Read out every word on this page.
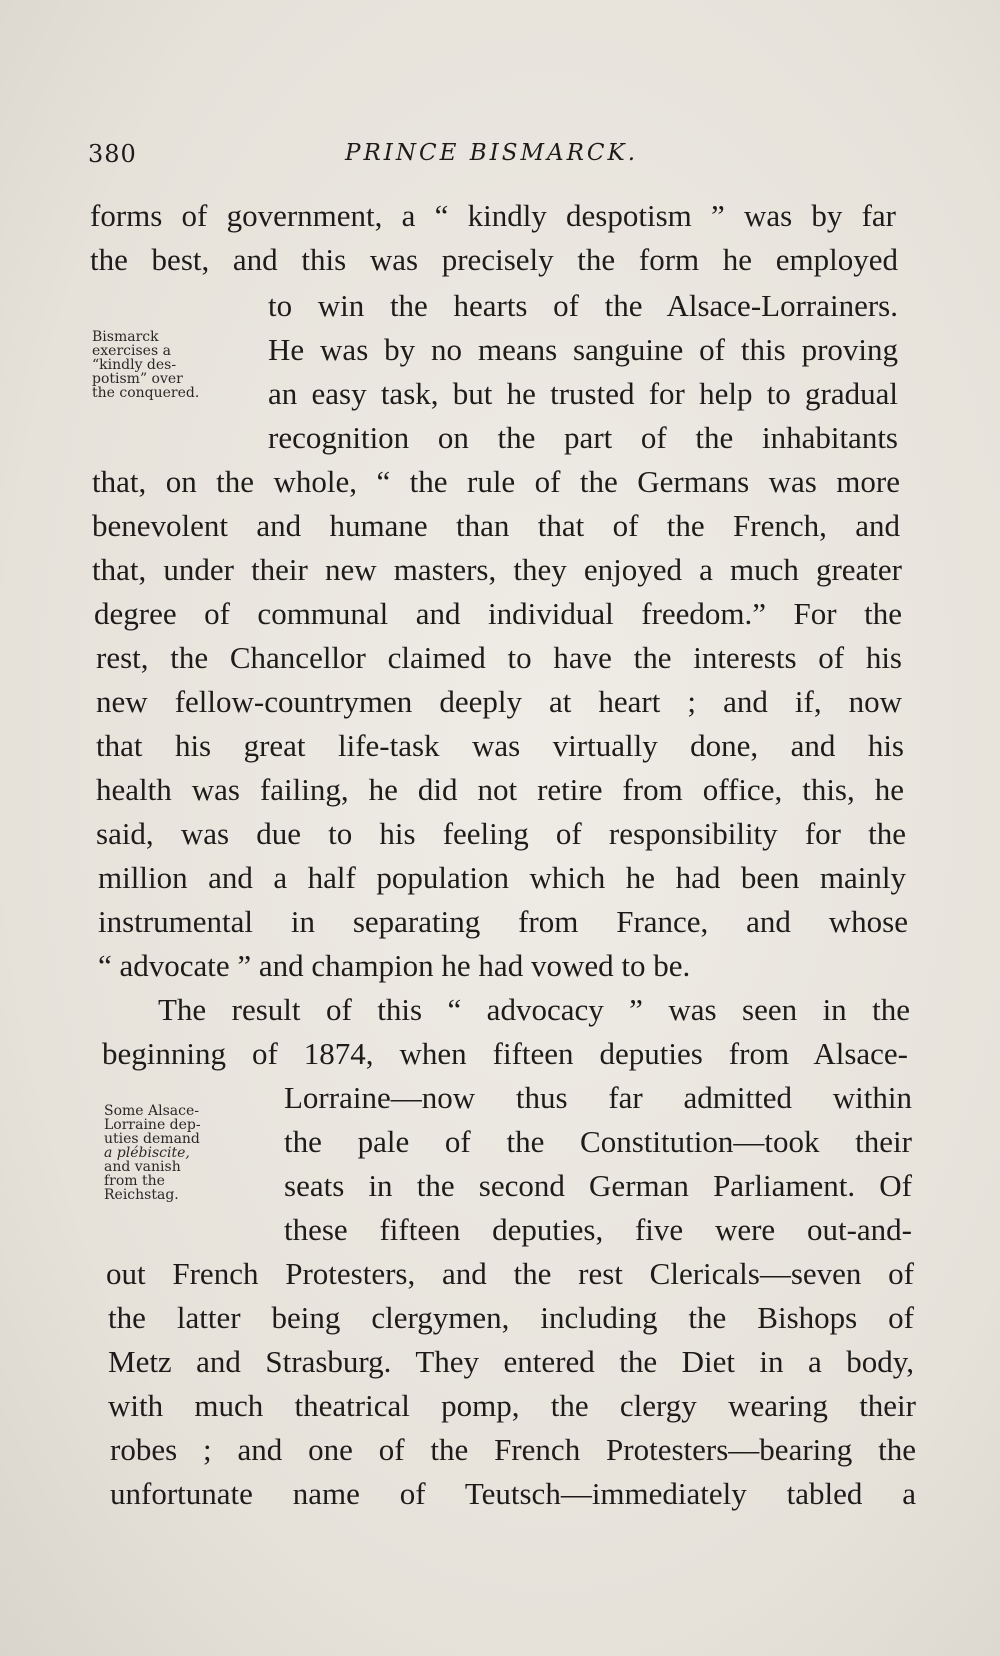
380	PRINCE BISMARCK.
Bismarck
exercises a
“kindly des-
potism” over
the conquered.
Some Alsace-
Lorraine dep-
uties demand
a plébiscite,
and vanish
from the
Reichstag.
forms of government, a “ kindly despotism ” was by far
the best, and this was precisely the form he employed
to win the hearts of the Alsace-Lorrainers.
He was by no means sanguine of this proving
an easy task, but he trusted for help to gradual
recognition on the part of the inhabitants
that, on the whole, “ the rule of the Germans was more
benevolent and humane than that of the French, and
that, under their new masters, they enjoyed a much greater
degree of communal and individual freedom.” For the
rest, the Chancellor claimed to have the interests of his
new fellow-countrymen deeply at heart ; and if, now
that his great life-task was virtually done, and his
health was failing, he did not retire from office, this, he
said, was due to his feeling of responsibility for the
million and a half population which he had been mainly
instrumental in separating from France, and whose
“ advocate ” and champion he had vowed to be.
The result of this “ advocacy ” was seen in the
beginning of 1874, when fifteen deputies from Alsace-
Lorraine—now thus far admitted within
the pale of the Constitution—took their
seats in the second German Parliament. Of
these fifteen deputies, five were out-and-
out French Protesters, and the rest Clericals—seven of
the latter being clergymen, including the Bishops of
Metz and Strasburg. They entered the Diet in a body,
with much theatrical pomp, the clergy wearing their
robes ; and one of the French Protesters—bearing the
unfortunate name of Teutsch—immediately tabled a
